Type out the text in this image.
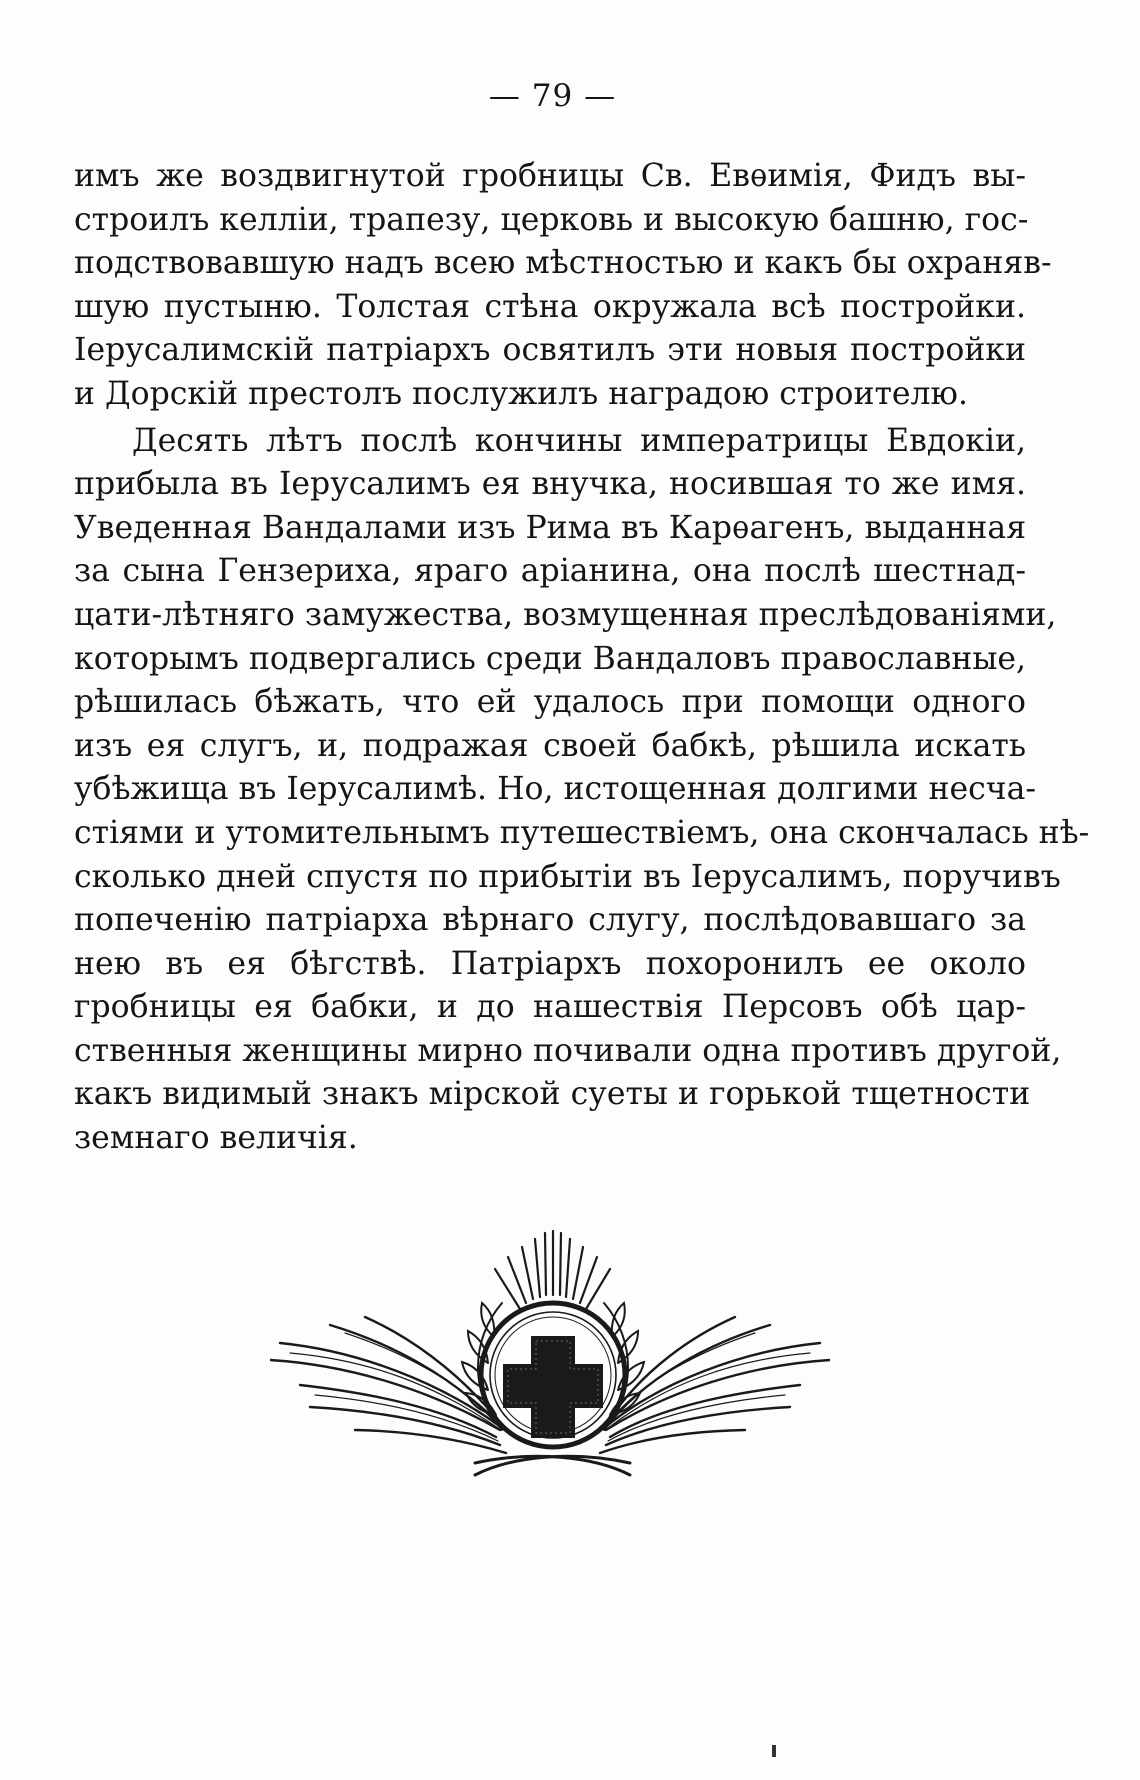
— 79 —
имъ же воздвигнутой гробницы Св. Евѳимія, Фидъ вы-
строилъ келліи, трапезу, церковь и высокую башню, гос-
подствовавшую надъ всею мѣстностью и какъ бы охраняв-
шую пустыню. Толстая стѣна окружала всѣ постройки.
Іерусалимскій патріархъ освятилъ эти новыя постройки
и Дорскій престолъ послужилъ наградою строителю.
Десять лѣтъ послѣ кончины императрицы Евдокіи,
прибыла въ Іерусалимъ ея внучка, носившая то же имя.
Уведенная Вандалами изъ Рима въ Карѳагенъ, выданная
за сына Гензериха, яраго аріанина, она послѣ шестнад-
цати-лѣтняго замужества, возмущенная преслѣдованіями,
которымъ подвергались среди Вандаловъ православные,
рѣшилась бѣжать, что ей удалось при помощи одного
изъ ея слугъ, и, подражая своей бабкѣ, рѣшила искать
убѣжища въ Іерусалимѣ. Но, истощенная долгими несча-
стіями и утомительнымъ путешествіемъ, она скончалась нѣ-
сколько дней спустя по прибытіи въ Іерусалимъ, поручивъ
попеченію патріарха вѣрнаго слугу, послѣдовавшаго за
нею въ ея бѣгствѣ. Патріархъ похоронилъ ее около
гробницы ея бабки, и до нашествія Персовъ обѣ цар-
ственныя женщины мирно почивали одна противъ другой,
какъ видимый знакъ мірской суеты и горькой тщетности
земнаго величія.
